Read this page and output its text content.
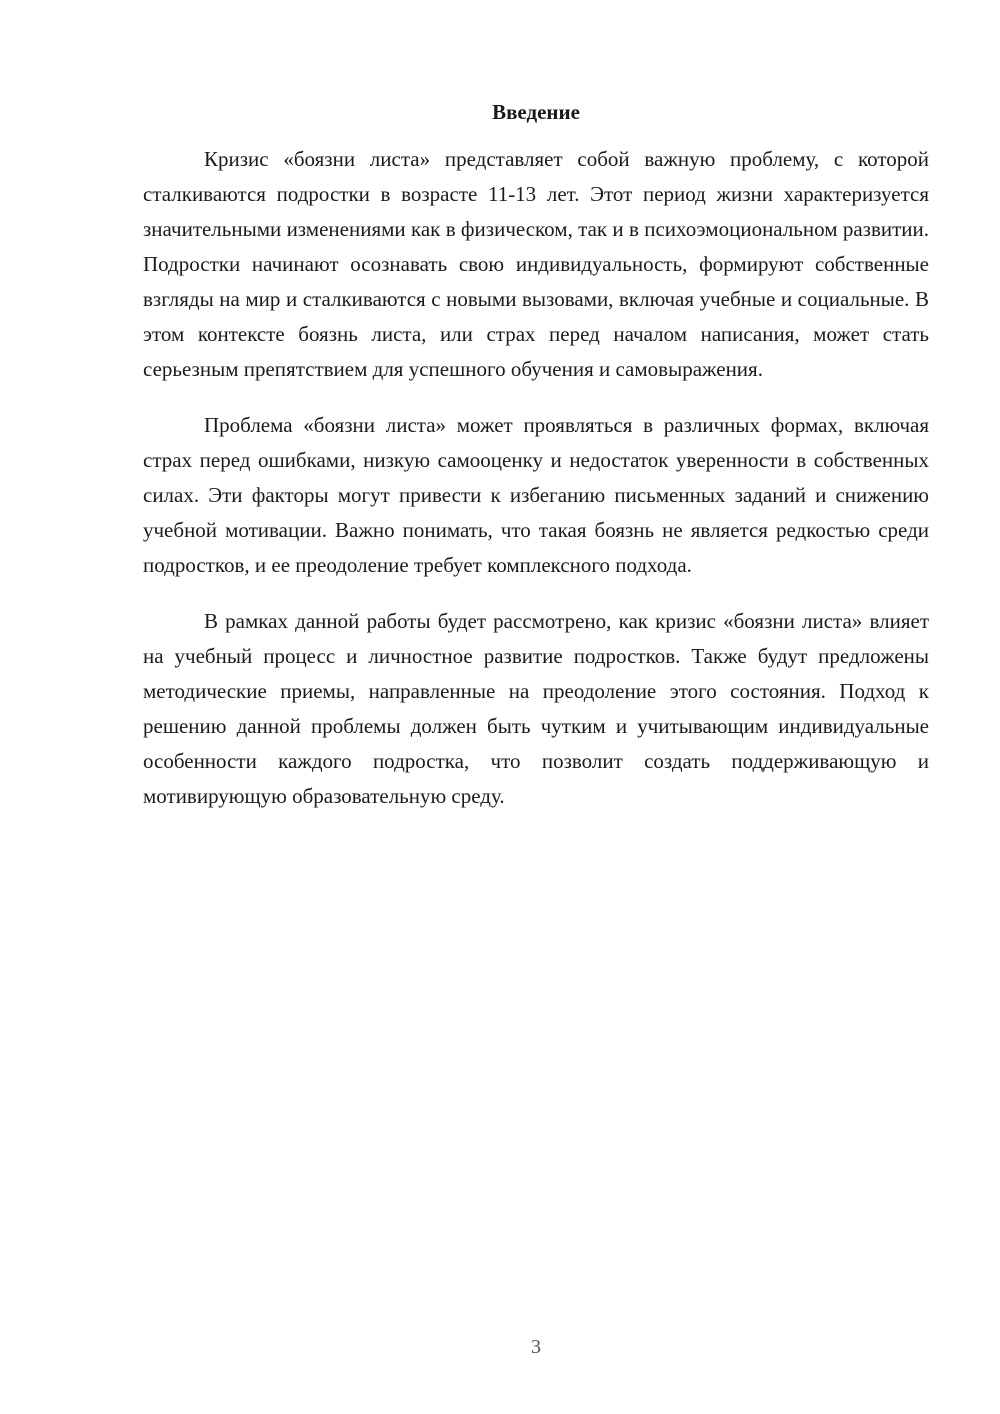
Введение

Кризис «боязни листа» представляет собой важную проблему, с которой сталкиваются подростки в возрасте 11-13 лет. Этот период жизни характеризуется значительными изменениями как в физическом, так и в психоэмоциональном развитии. Подростки начинают осознавать свою индивидуальность, формируют собственные взгляды на мир и сталкиваются с новыми вызовами, включая учебные и социальные. В этом контексте боязнь листа, или страх перед началом написания, может стать серьезным препятствием для успешного обучения и самовыражения.

Проблема «боязни листа» может проявляться в различных формах, включая страх перед ошибками, низкую самооценку и недостаток уверенности в собственных силах. Эти факторы могут привести к избеганию письменных заданий и снижению учебной мотивации. Важно понимать, что такая боязнь не является редкостью среди подростков, и ее преодоление требует комплексного подхода.

В рамках данной работы будет рассмотрено, как кризис «боязни листа» влияет на учебный процесс и личностное развитие подростков. Также будут предложены методические приемы, направленные на преодоление этого состояния. Подход к решению данной проблемы должен быть чутким и учитывающим индивидуальные особенности каждого подростка, что позволит создать поддерживающую и мотивирующую образовательную среду.

3
